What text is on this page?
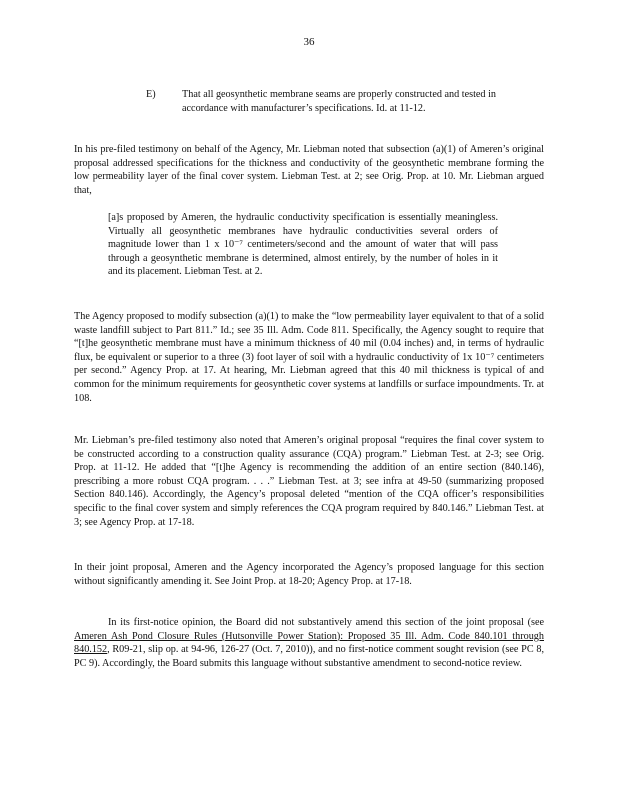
36
E)	That all geosynthetic membrane seams are properly constructed and tested in accordance with manufacturer’s specifications. Id. at 11-12.

In his pre-filed testimony on behalf of the Agency, Mr. Liebman noted that subsection (a)(1) of Ameren’s original proposal addressed specifications for the thickness and conductivity of the geosynthetic membrane forming the low permeability layer of the final cover system. Liebman Test. at 2; see Orig. Prop. at 10. Mr. Liebman argued that,

[a]s proposed by Ameren, the hydraulic conductivity specification is essentially meaningless. Virtually all geosynthetic membranes have hydraulic conductivities several orders of magnitude lower than 1 x 10⁻⁷ centimeters/second and the amount of water that will pass through a geosynthetic membrane is determined, almost entirely, by the number of holes in it and its placement. Liebman Test. at 2.

The Agency proposed to modify subsection (a)(1) to make the “low permeability layer equivalent to that of a solid waste landfill subject to Part 811.” Id.; see 35 Ill. Adm. Code 811. Specifically, the Agency sought to require that “[t]he geosynthetic membrane must have a minimum thickness of 40 mil (0.04 inches) and, in terms of hydraulic flux, be equivalent or superior to a three (3) foot layer of soil with a hydraulic conductivity of 1x 10⁻⁷ centimeters per second.” Agency Prop. at 17. At hearing, Mr. Liebman agreed that this 40 mil thickness is typical of and common for the minimum requirements for geosynthetic cover systems at landfills or surface impoundments. Tr. at 108.

Mr. Liebman’s pre-filed testimony also noted that Ameren’s original proposal “requires the final cover system to be constructed according to a construction quality assurance (CQA) program.” Liebman Test. at 2-3; see Orig. Prop. at 11-12. He added that “[t]he Agency is recommending the addition of an entire section (840.146), prescribing a more robust CQA program. . . .” Liebman Test. at 3; see infra at 49-50 (summarizing proposed Section 840.146). Accordingly, the Agency’s proposal deleted “mention of the CQA officer’s responsibilities specific to the final cover system and simply references the CQA program required by 840.146.” Liebman Test. at 3; see Agency Prop. at 17-18.

In their joint proposal, Ameren and the Agency incorporated the Agency’s proposed language for this section without significantly amending it. See Joint Prop. at 18-20; Agency Prop. at 17-18.

In its first-notice opinion, the Board did not substantively amend this section of the joint proposal (see Ameren Ash Pond Closure Rules (Hutsonville Power Station): Proposed 35 Ill. Adm. Code 840.101 through 840.152, R09-21, slip op. at 94-96, 126-27 (Oct. 7, 2010)), and no first-notice comment sought revision (see PC 8, PC 9). Accordingly, the Board submits this language without substantive amendment to second-notice review.
